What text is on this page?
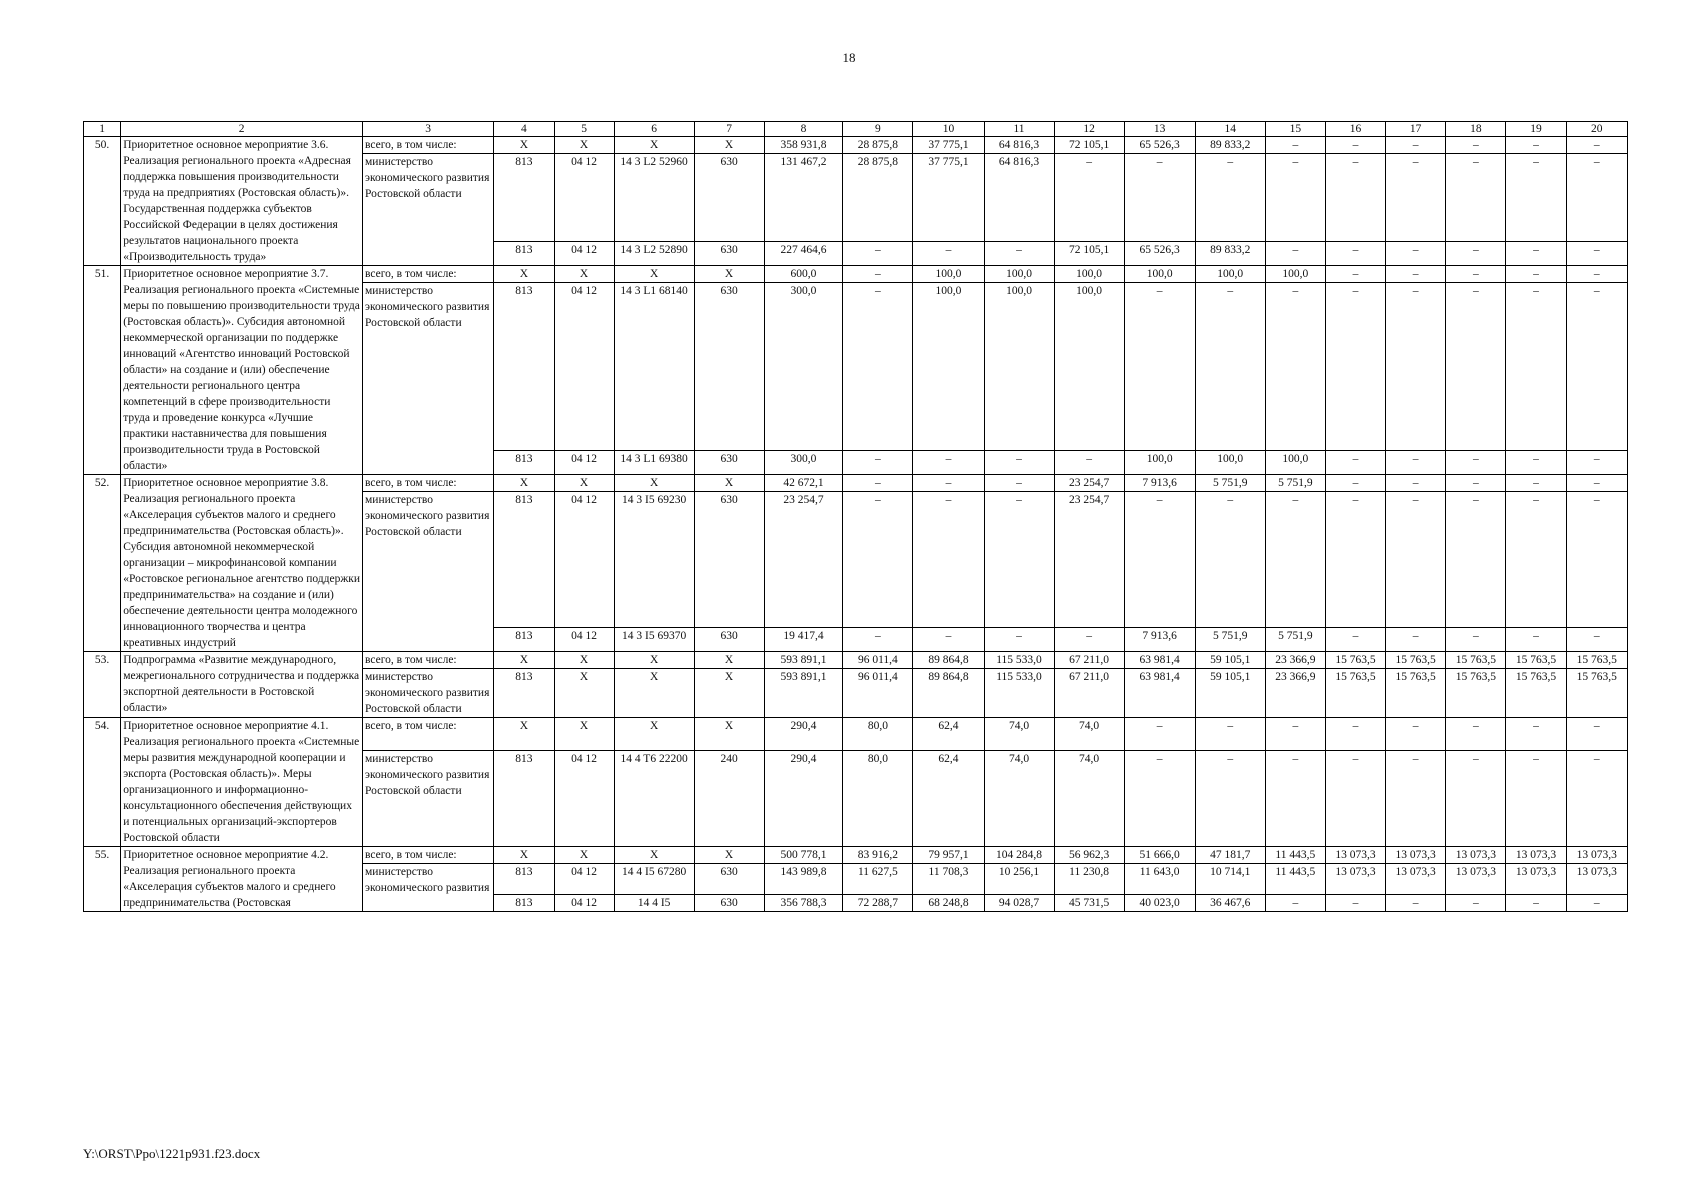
18
1	2	3	4	5	6	7	8	9	10	11	12	13	14	15	16	17	18	19	20
50.	Приоритетное основное мероприятие 3.6. Реализация регионального проекта «Адресная поддержка повышения производительности труда на предприятиях (Ростовская область)». Государственная поддержка субъектов Российской Федерации в целях достижения результатов национального проекта «Производительность труда»	всего, в том числе:	X	X	X	X	358 931,8	28 875,8	37 775,1	64 816,3	72 105,1	65 526,3	89 833,2	–	–	–	–	–	–
		министерство экономического развития Ростовской области	813	04 12	14 3 L2 52960	630	131 467,2	28 875,8	37 775,1	64 816,3	–	–	–	–	–	–	–	–	–
			813	04 12	14 3 L2 52890	630	227 464,6	–	–	–	72 105,1	65 526,3	89 833,2	–	–	–	–	–	–
51.	Приоритетное основное мероприятие 3.7. Реализация регионального проекта «Системные меры по повышению производительности труда (Ростовская область)». Субсидия автономной некоммерческой организации по поддержке инноваций «Агентство инноваций Ростовской области» на создание и (или) обеспечение деятельности регионального центра компетенций в сфере производительности труда и проведение конкурса «Лучшие практики наставничества для повышения производительности труда в Ростовской области»	всего, в том числе:	X	X	X	X	600,0	–	100,0	100,0	100,0	100,0	100,0	100,0	–	–	–	–	–
		министерство экономического развития Ростовской области	813	04 12	14 3 L1 68140	630	300,0	–	100,0	100,0	100,0	–	–	–	–	–	–	–	–
			813	04 12	14 3 L1 69380	630	300,0	–	–	–	–	100,0	100,0	100,0	–	–	–	–	–
52.	Приоритетное основное мероприятие 3.8. Реализация регионального проекта «Акселерация субъектов малого и среднего предпринимательства (Ростовская область)». Субсидия автономной некоммерческой организации – микрофинансовой компании «Ростовское региональное агентство поддержки предпринимательства» на создание и (или) обеспечение деятельности центра молодежного инновационного творчества и центра креативных индустрий	всего, в том числе:	X	X	X	X	42 672,1	–	–	–	23 254,7	7 913,6	5 751,9	5 751,9	–	–	–	–	–
		министерство экономического развития Ростовской области	813	04 12	14 3 I5 69230	630	23 254,7	–	–	–	23 254,7	–	–	–	–	–	–	–	–
			813	04 12	14 3 I5 69370	630	19 417,4	–	–	–	–	7 913,6	5 751,9	5 751,9	–	–	–	–	–
53.	Подпрограмма «Развитие международного, межрегионального сотрудничества и поддержка экспортной деятельности в Ростовской области»	всего, в том числе:	X	X	X	X	593 891,1	96 011,4	89 864,8	115 533,0	67 211,0	63 981,4	59 105,1	23 366,9	15 763,5	15 763,5	15 763,5	15 763,5	15 763,5
		министерство экономического развития Ростовской области	813	X	X	X	593 891,1	96 011,4	89 864,8	115 533,0	67 211,0	63 981,4	59 105,1	23 366,9	15 763,5	15 763,5	15 763,5	15 763,5	15 763,5
54.	Приоритетное основное мероприятие 4.1. Реализация регионального проекта «Системные меры развития международной кооперации и экспорта (Ростовская область)». Меры организационного и информационно-консультационного обеспечения действующих и потенциальных организаций-экспортеров Ростовской области	всего, в том числе:	X	X	X	X	290,4	80,0	62,4	74,0	74,0	–	–	–	–	–	–	–	–
		министерство экономического развития Ростовской области	813	04 12	14 4 T6 22200	240	290,4	80,0	62,4	74,0	74,0	–	–	–	–	–	–	–	–
55.	Приоритетное основное мероприятие 4.2. Реализация регионального проекта «Акселерация субъектов малого и среднего предпринимательства (Ростовская	всего, в том числе:	X	X	X	X	500 778,1	83 916,2	79 957,1	104 284,8	56 962,3	51 666,0	47 181,7	11 443,5	13 073,3	13 073,3	13 073,3	13 073,3	13 073,3
		министерство экономического развития	813	04 12	14 4 I5 67280	630	143 989,8	11 627,5	11 708,3	10 256,1	11 230,8	11 643,0	10 714,1	11 443,5	13 073,3	13 073,3	13 073,3	13 073,3	13 073,3
			813	04 12	14 4 I5	630	356 788,3	72 288,7	68 248,8	94 028,7	45 731,5	40 023,0	36 467,6	–	–	–	–	–	–
Y:\ORST\Ppo\1221p931.f23.docx
